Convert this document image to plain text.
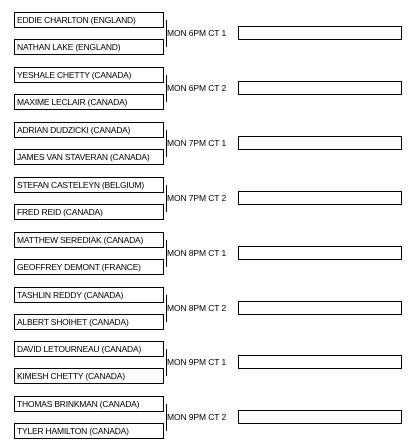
EDDIE CHARLTON (ENGLAND)
NATHAN LAKE (ENGLAND)
MON 6PM CT 1
YESHALE CHETTY (CANADA)
MAXIME LECLAIR (CANADA)
MON 6PM CT 2
ADRIAN DUDZICKI (CANADA)
JAMES VAN STAVERAN (CANADA)
MON 7PM CT 1
STEFAN CASTELEYN (BELGIUM)
FRED REID (CANADA)
MON 7PM CT 2
MATTHEW SEREDIAK (CANADA)
GEOFFREY DEMONT (FRANCE)
MON 8PM CT 1
TASHLIN REDDY (CANADA)
ALBERT SHOIHET (CANADA)
MON 8PM CT 2
DAVID LETOURNEAU (CANADA)
KIMESH CHETTY (CANADA)
MON 9PM CT 1
THOMAS BRINKMAN (CANADA)
TYLER HAMILTON (CANADA)
MON 9PM CT 2
